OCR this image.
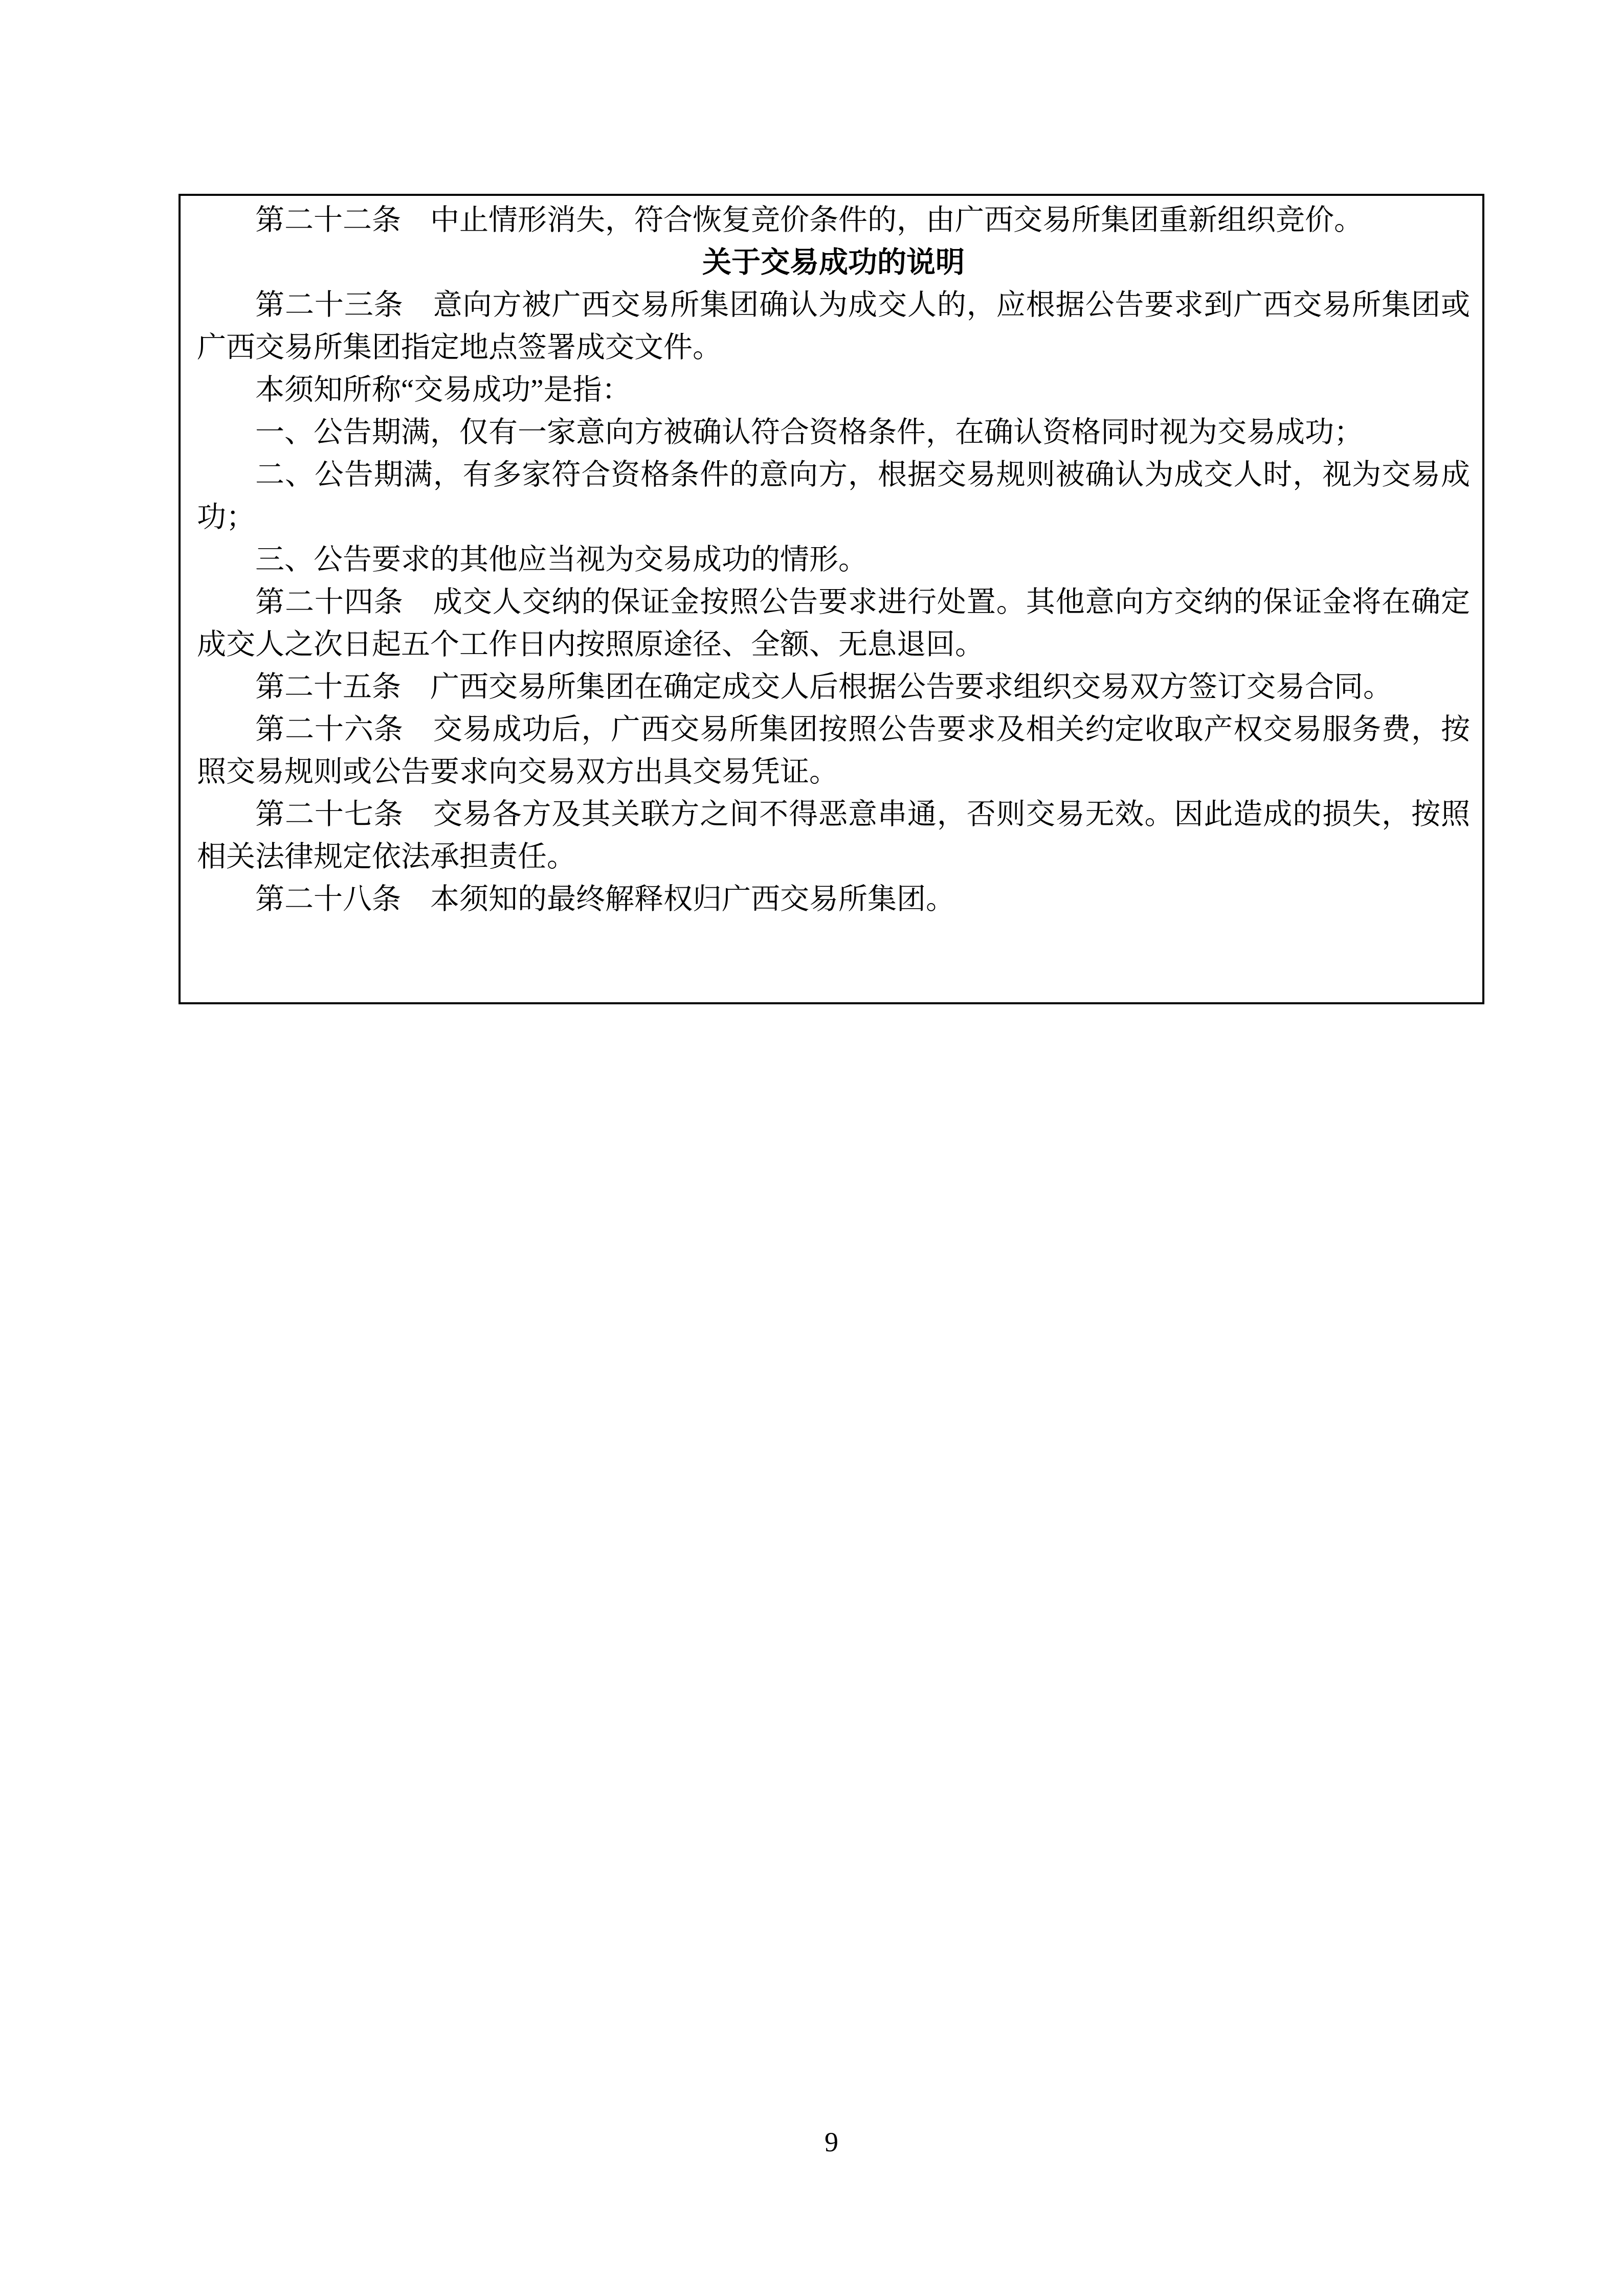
第二十二条　中止情形消失，符合恢复竞价条件的，由广西交易所集团重新组织竞价。

关于交易成功的说明

第二十三条　意向方被广西交易所集团确认为成交人的，应根据公告要求到广西交易所集团或广西交易所集团指定地点签署成交文件。

本须知所称“交易成功”是指：

一、公告期满，仅有一家意向方被确认符合资格条件，在确认资格同时视为交易成功；

二、公告期满，有多家符合资格条件的意向方，根据交易规则被确认为成交人时，视为交易成功；

三、公告要求的其他应当视为交易成功的情形。

第二十四条　成交人交纳的保证金按照公告要求进行处置。其他意向方交纳的保证金将在确定成交人之次日起五个工作日内按照原途径、全额、无息退回。

第二十五条　广西交易所集团在确定成交人后根据公告要求组织交易双方签订交易合同。

第二十六条　交易成功后，广西交易所集团按照公告要求及相关约定收取产权交易服务费，按照交易规则或公告要求向交易双方出具交易凭证。

第二十七条　交易各方及其关联方之间不得恶意串通，否则交易无效。因此造成的损失，按照相关法律规定依法承担责任。

第二十八条　本须知的最终解释权归广西交易所集团。

9
